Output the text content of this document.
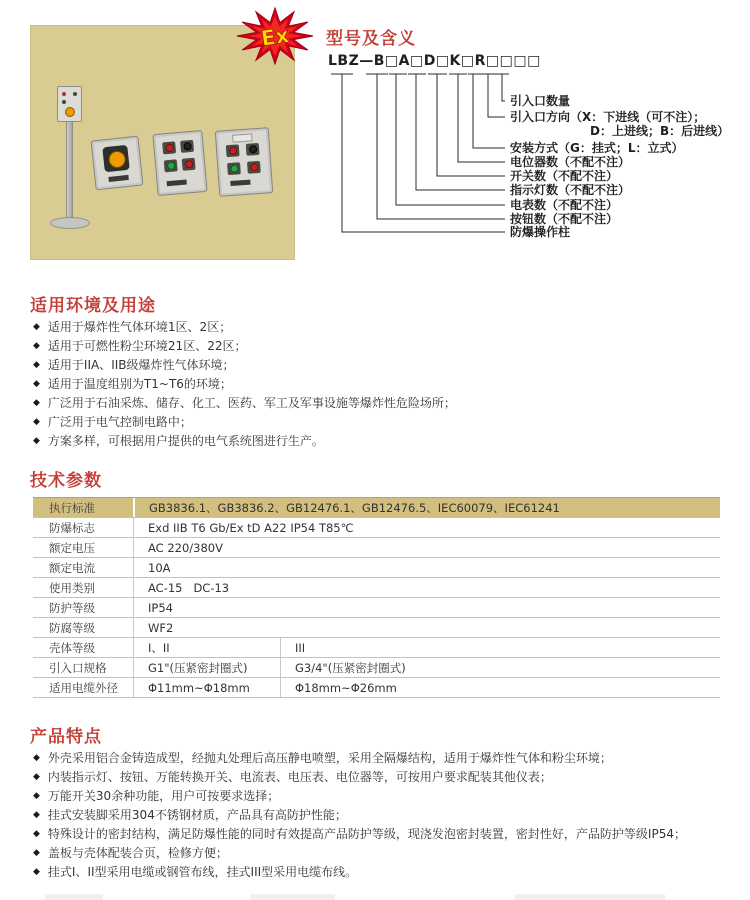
Ex 型号及含义
LBZ—B□A□D□K□R□□□□
引入口数量
引入口方向（X：下进线（可不注）；
D：上进线；B：后进线）
安装方式（G：挂式；L：立式）
电位器数（不配不注）
开关数（不配不注）
指示灯数（不配不注）
电表数（不配不注）
按钮数（不配不注）
防爆操作柱
适用环境及用途
◆ 适用于爆炸性气体环境1区、2区；
◆ 适用于可燃性粉尘环境21区、22区；
◆ 适用于IIA、IIB级爆炸性气体环境；
◆ 适用于温度组别为T1~T6的环境；
◆ 广泛用于石油采炼、储存、化工、医药、军工及军事设施等爆炸性危险场所；
◆ 广泛用于电气控制电路中；
◆ 方案多样，可根据用户提供的电气系统图进行生产。
技术参数
执行标准	GB3836.1、GB3836.2、GB12476.1、GB12476.5、IEC60079、IEC61241
防爆标志	Exd IIB T6 Gb/Ex tD A22 IP54 T85℃
额定电压	AC 220/380V
额定电流	10A
使用类别	AC-15   DC-13
防护等级	IP54
防腐等级	WF2
壳体等级	I、II	III
引入口规格	G1"(压紧密封圈式)	G3/4"(压紧密封圈式)
适用电缆外径	Φ11mm~Φ18mm	Φ18mm~Φ26mm
产品特点
◆ 外壳采用铝合金铸造成型，经抛丸处理后高压静电喷塑，采用全隔爆结构，适用于爆炸性气体和粉尘环境；
◆ 内装指示灯、按钮、万能转换开关、电流表、电压表、电位器等，可按用户要求配装其他仪表；
◆ 万能开关30余种功能，用户可按要求选择；
◆ 挂式安装脚采用304不锈钢材质，产品具有高防护性能；
◆ 特殊设计的密封结构，满足防爆性能的同时有效提高产品防护等级，现浇发泡密封装置，密封性好，产品防护等级IP54；
◆ 盖板与壳体配装合页，检修方便；
◆ 挂式I、II型采用电缆或钢管布线，挂式III型采用电缆布线。
